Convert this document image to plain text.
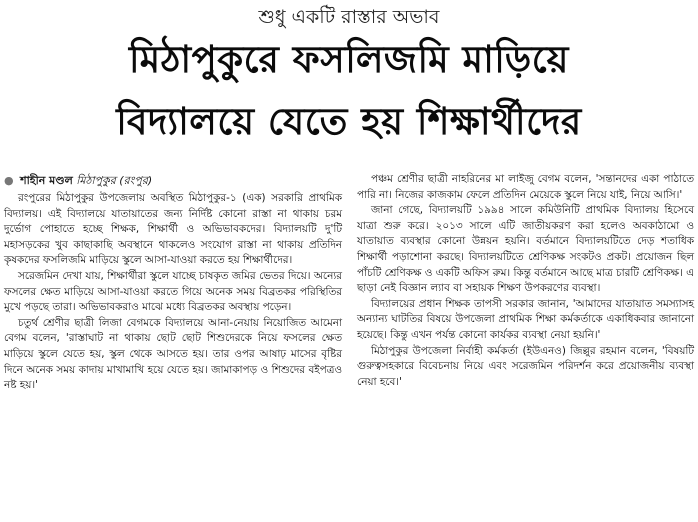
শুধু একটি রাস্তার অভাব
মিঠাপুকুরে ফসলিজমি মাড়িয়ে
বিদ্যালয়ে যেতে হয় শিক্ষার্থীদের
● শাহীন মণ্ডল মিঠাপুকুর (রংপুর)

রংপুরের মিঠাপুকুর উপজেলায় অবস্থিত মিঠাপুকুর-১ (এক) সরকারি প্রাথমিক বিদ্যালয়। এই বিদ্যালয়ে যাতায়াতের জন্য নির্দিষ্ট কোনো রাস্তা না থাকায় চরম দুর্ভোগ পোহাতে হচ্ছে শিক্ষক, শিক্ষার্থী ও অভিভাবকদের। বিদ্যালয়টি দু'টি মহাসড়কের খুব কাছাকাছি অবস্থানে থাকলেও সংযোগ রাস্তা না থাকায় প্রতিদিন কৃষকদের ফসলিজমি মাড়িয়ে স্কুলে আসা-যাওয়া করতে হয় শিক্ষার্থীদের।

সরেজমিন দেখা যায়, শিক্ষার্থীরা স্কুলে যাচ্ছে চাষকৃত জমির ভেতর দিয়ে। অন্যের ফসলের ক্ষেত মাড়িয়ে আসা-যাওয়া করতে গিয়ে অনেক সময় বিব্রতকর পরিস্থিতির মুখে পড়ছে তারা। অভিভাবকরাও মাঝে মধ্যে বিব্রতকর অবস্থায় পড়েন।

চতুর্থ শ্রেণীর ছাত্রী লিজা বেগমকে বিদ্যালয়ে আনা-নেয়ায় নিয়োজিত আমেনা বেগম বলেন, 'রাস্তাঘাট না থাকায় ছোট ছোট শিশুদেরকে নিয়ে ফসলের ক্ষেত মাড়িয়ে স্কুলে যেতে হয়, স্কুল থেকে আসতে হয়। তার ওপর আষাঢ় মাসের বৃষ্টির দিনে অনেক সময় কাদায় মাখামাখি হয়ে যেতে হয়। জামাকাপড় ও শিশুদের বইপত্রও নষ্ট হয়।'

পঞ্চম শ্রেণীর ছাত্রী নাহরিনের মা লাইজু বেগম বলেন, 'সন্তানদের একা পাঠাতে পারি না। নিজের কাজকাম ফেলে প্রতিদিন মেয়েকে স্কুলে নিয়ে যাই, নিয়ে আসি।'

জানা গেছে, বিদ্যালয়টি ১৯৯৪ সালে কমিউনিটি প্রাথমিক বিদ্যালয় হিসেবে যাত্রা শুরু করে। ২০১৩ সালে এটি জাতীয়করণ করা হলেও অবকাঠামো ও যাতায়াত ব্যবস্থার কোনো উন্নয়ন হয়নি। বর্তমানে বিদ্যালয়টিতে দেড় শতাধিক শিক্ষার্থী পড়াশোনা করছে। বিদ্যালয়টিতে শ্রেণিকক্ষ সংকটও প্রকট। প্রয়োজন ছিল পাঁচটি শ্রেণিকক্ষ ও একটি অফিস রুম। কিন্তু বর্তমানে আছে মাত্র চারটি শ্রেণিকক্ষ। এ ছাড়া নেই বিজ্ঞান ল্যাব বা সহায়ক শিক্ষণ উপকরণের ব্যবস্থা।

বিদ্যালয়ের প্রধান শিক্ষক তাপসী সরকার জানান, 'আমাদের যাতায়াত সমস্যাসহ অন্যান্য ঘাটতির বিষয়ে উপজেলা প্রাথমিক শিক্ষা কর্মকর্তাকে একাধিকবার জানানো হয়েছে। কিন্তু এখন পর্যন্ত কোনো কার্যকর ব্যবস্থা নেয়া হয়নি।'

মিঠাপুকুর উপজেলা নির্বাহী কর্মকর্তা (ইউএনও) জিল্লুর রহমান বলেন, 'বিষয়টি গুরুত্বসহকারে বিবেচনায় নিয়ে এবং সরেজমিন পরিদর্শন করে প্রয়োজনীয় ব্যবস্থা নেয়া হবে।'
